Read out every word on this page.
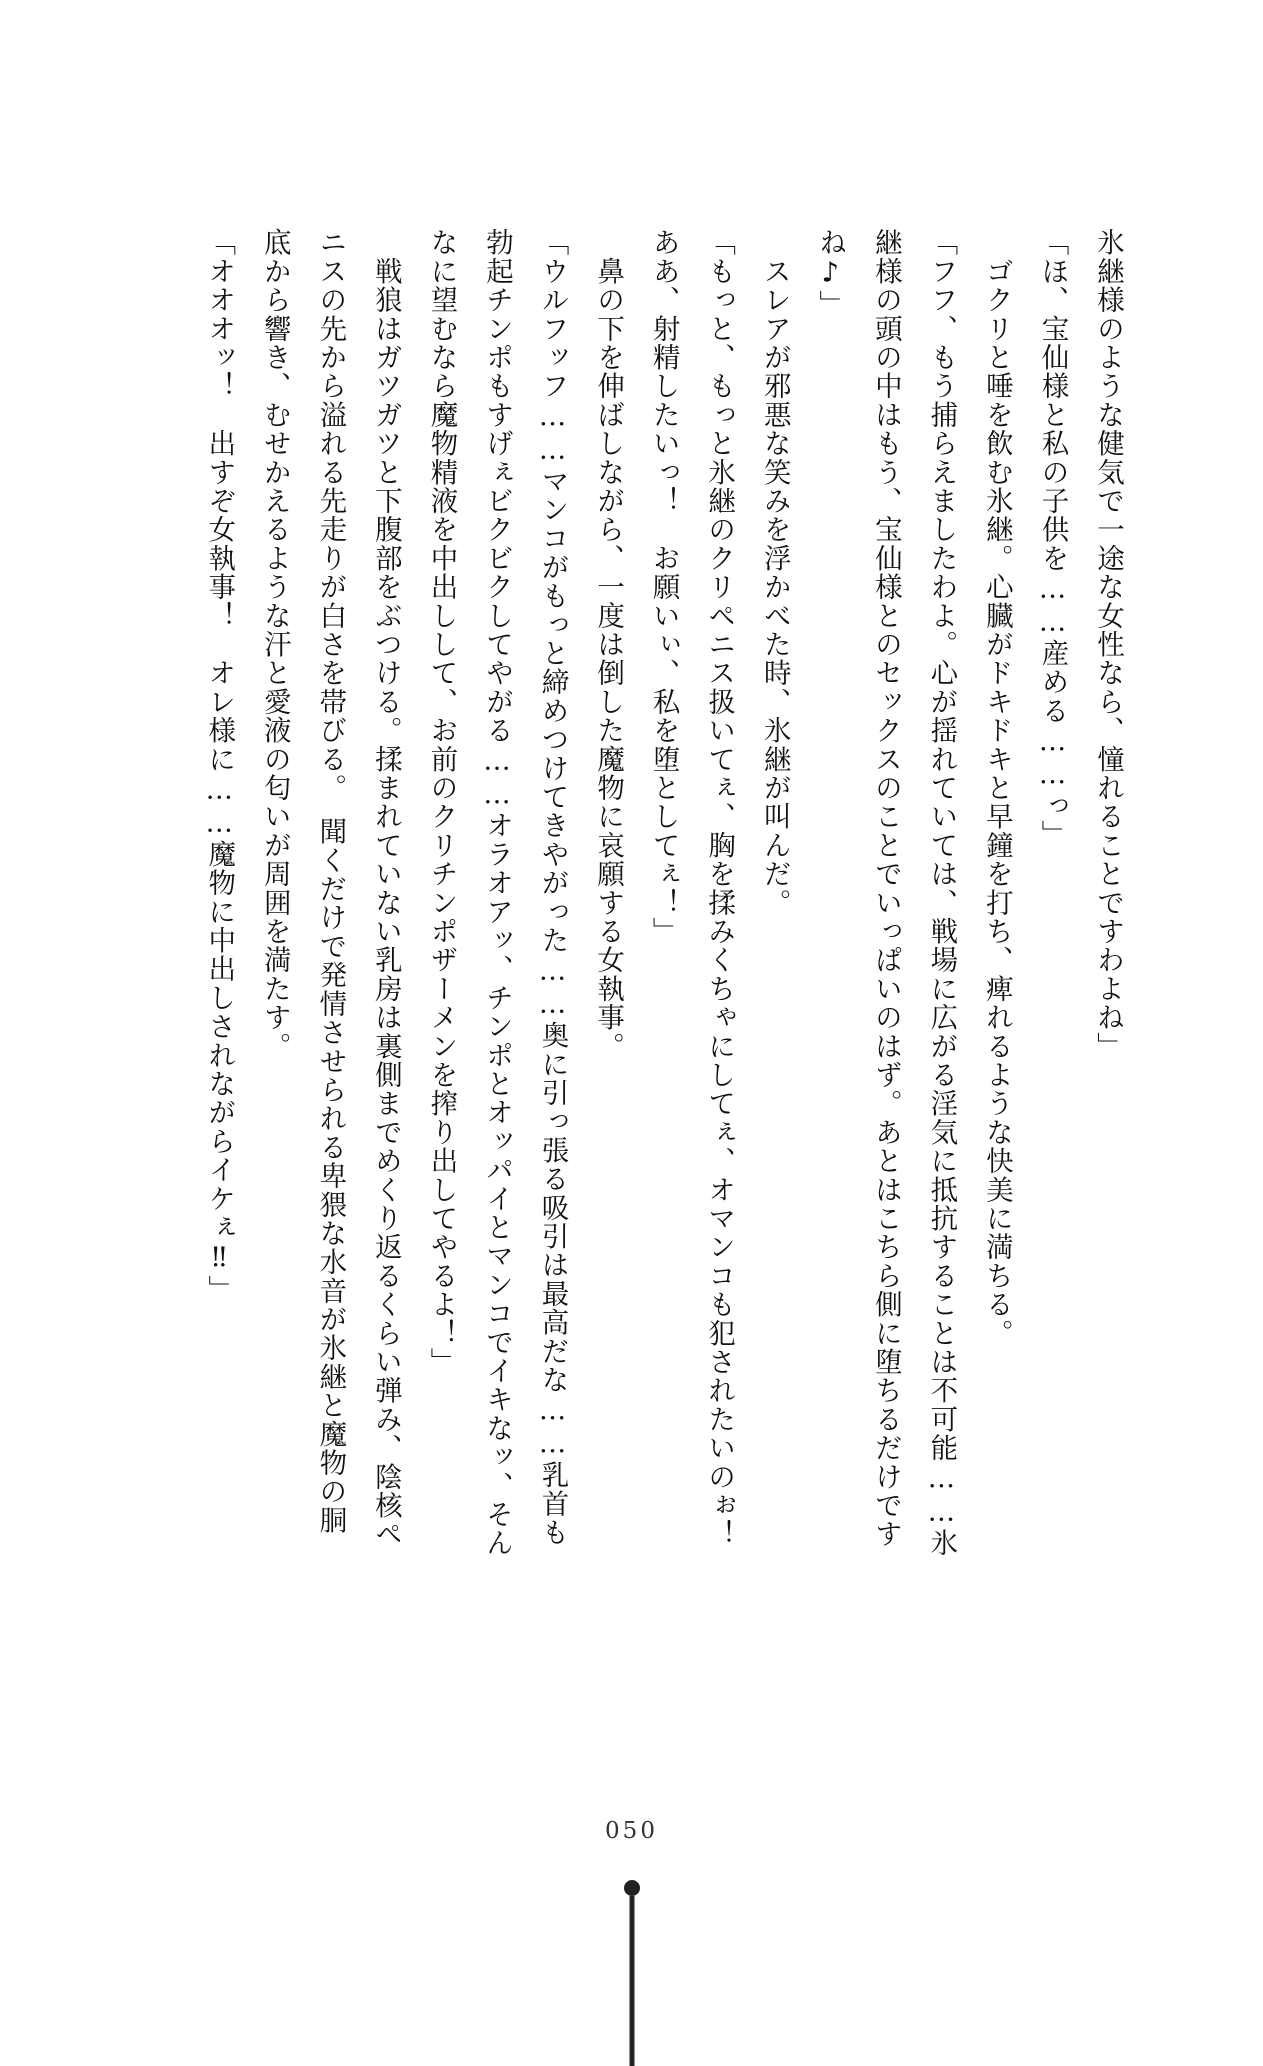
氷継様のような健気で一途な女性なら、憧れることですわよね」

「ほ、宝仙様と私の子供を……産める……っ」

　ゴクリと唾を飲む氷継。心臓がドキドキと早鐘を打ち、痺れるような快美に満ちる。

「フフ、もう捕らえましたわよ。心が揺れていては、戦場に広がる淫気に抵抗することは不可能……氷継様の頭の中はもう、宝仙様とのセックスのことでいっぱいのはず。あとはこちら側に堕ちるだけですね♪」

　スレアが邪悪な笑みを浮かべた時、氷継が叫んだ。

「もっと、もっと氷継のクリペニス扱いてぇ、胸を揉みくちゃにしてぇ、オマンコも犯されたいのぉ！　ああ、射精したいっ！　お願いぃ、私を堕としてぇ！」

　鼻の下を伸ばしながら、一度は倒した魔物に哀願する女執事。

「ウルフッフ……マンコがもっと締めつけてきやがった……奥に引っ張る吸引は最高だな……乳首も勃起チンポもすげぇビクビクしてやがる……オラオアッ、チンポとオッパイとマンコでイキなッ、そんなに望むなら魔物精液を中出しして、お前のクリチンポザーメンを搾り出してやるよ！」

　戦狼はガツガツと下腹部をぶつける。揉まれていない乳房は裏側までめくり返るくらい弾み、陰核ペニスの先から溢れる先走りが白さを帯びる。　聞くだけで発情させられる卑猥な水音が氷継と魔物の胴底から響き、むせかえるような汗と愛液の匂いが周囲を満たす。

「オオオッ！　出すぞ女執事！　オレ様に……魔物に中出しされながらイケぇ‼」

050
